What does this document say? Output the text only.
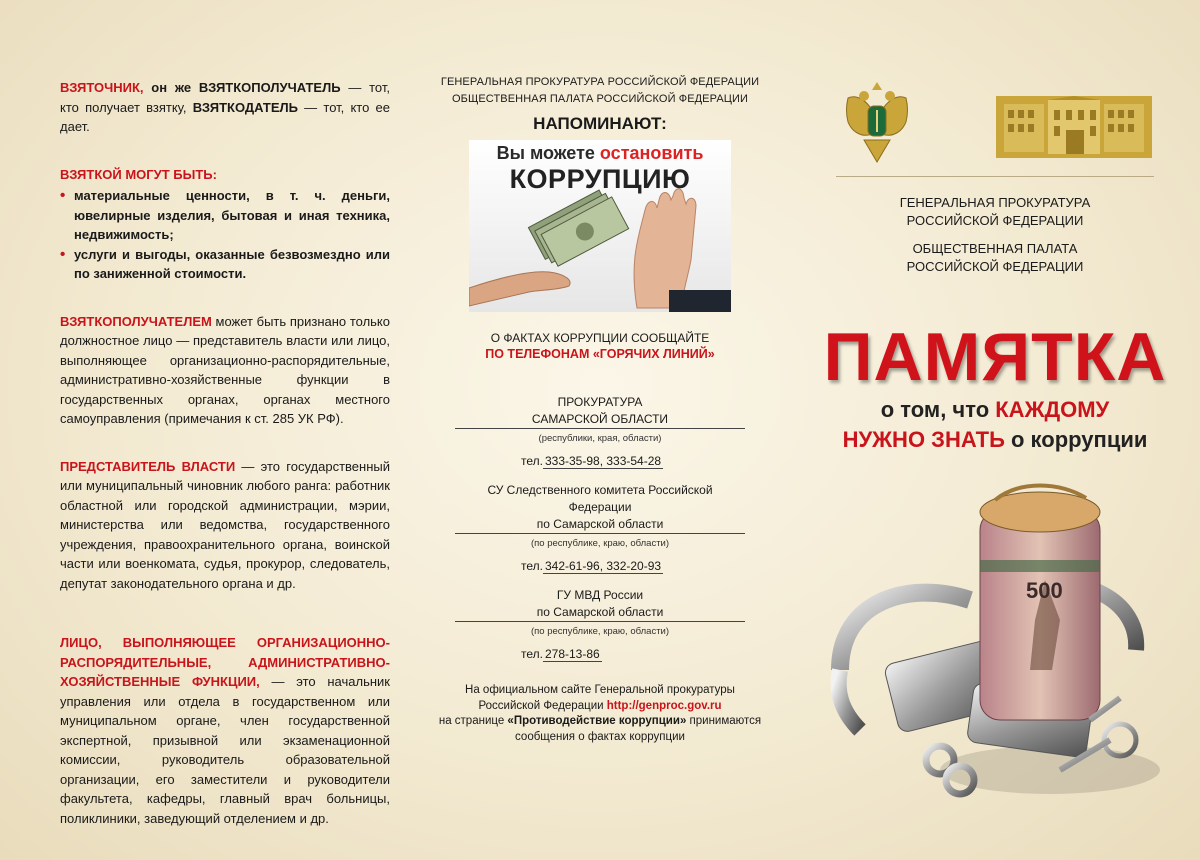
ВЗЯТОЧНИК, он же ВЗЯТКОПОЛУЧАТЕЛЬ — тот, кто получает взятку, ВЗЯТКОДАТЕЛЬ — тот, кто ее дает.

ВЗЯТКОЙ МОГУТ БЫТЬ:
• материальные ценности, в т. ч. деньги, ювелирные изделия, бытовая и иная техника, недвижимость;
• услуги и выгоды, оказанные безвозмездно или по заниженной стоимости.

ВЗЯТКОПОЛУЧАТЕЛЕМ может быть признано только должностное лицо — представитель власти или лицо, выполняющее организационно-распорядительные, административно-хозяйственные функции в государственных органах, органах местного самоуправления (примечания к ст. 285 УК РФ).

ПРЕДСТАВИТЕЛЬ ВЛАСТИ — это государственный или муниципальный чиновник любого ранга: работник областной или городской администрации, мэрии, министерства или ведомства, государственного учреждения, правоохранительного органа, воинской части или военкомата, судья, прокурор, следователь, депутат законодательного органа и др.

ЛИЦО, ВЫПОЛНЯЮЩЕЕ ОРГАНИЗАЦИОННО-РАСПОРЯДИТЕЛЬНЫЕ, АДМИНИСТРАТИВНО-ХОЗЯЙСТВЕННЫЕ ФУНКЦИИ, — это начальник управления или отдела в государственном или муниципальном органе, член государственной экспертной, призывной или экзаменационной комиссии, руководитель образовательной организации, его заместители и руководители факультета, кафедры, главный врач больницы, поликлиники, заведующий отделением и др.

ГЕНЕРАЛЬНАЯ ПРОКУРАТУРА РОССИЙСКОЙ ФЕДЕРАЦИИ
ОБЩЕСТВЕННАЯ ПАЛАТА РОССИЙСКОЙ ФЕДЕРАЦИИ
НАПОМИНАЮТ:
Вы можете остановить
КОРРУПЦИЮ
О ФАКТАХ КОРРУПЦИИ СООБЩАЙТЕ
ПО ТЕЛЕФОНАМ «ГОРЯЧИХ ЛИНИЙ»
ПРОКУРАТУРА
САМАРСКОЙ ОБЛАСТИ
(республики, края, области)
тел. 333-35-98, 333-54-28
СУ Следственного комитета Российской Федерации
по Самарской области
(по республике, краю, области)
тел. 342-61-96, 332-20-93
ГУ МВД России
по Самарской области
(по республике, краю, области)
тел. 278-13-86
На официальном сайте Генеральной прокуратуры
Российской Федерации http://genproc.gov.ru
на странице «Противодействие коррупции» принимаются
сообщения о фактах коррупции
ГЕНЕРАЛЬНАЯ ПРОКУРАТУРА
РОССИЙСКОЙ ФЕДЕРАЦИИ
ОБЩЕСТВЕННАЯ ПАЛАТА
РОССИЙСКОЙ ФЕДЕРАЦИИ
ПАМЯТКА
о том, что КАЖДОМУ
НУЖНО ЗНАТЬ о коррупции
500
